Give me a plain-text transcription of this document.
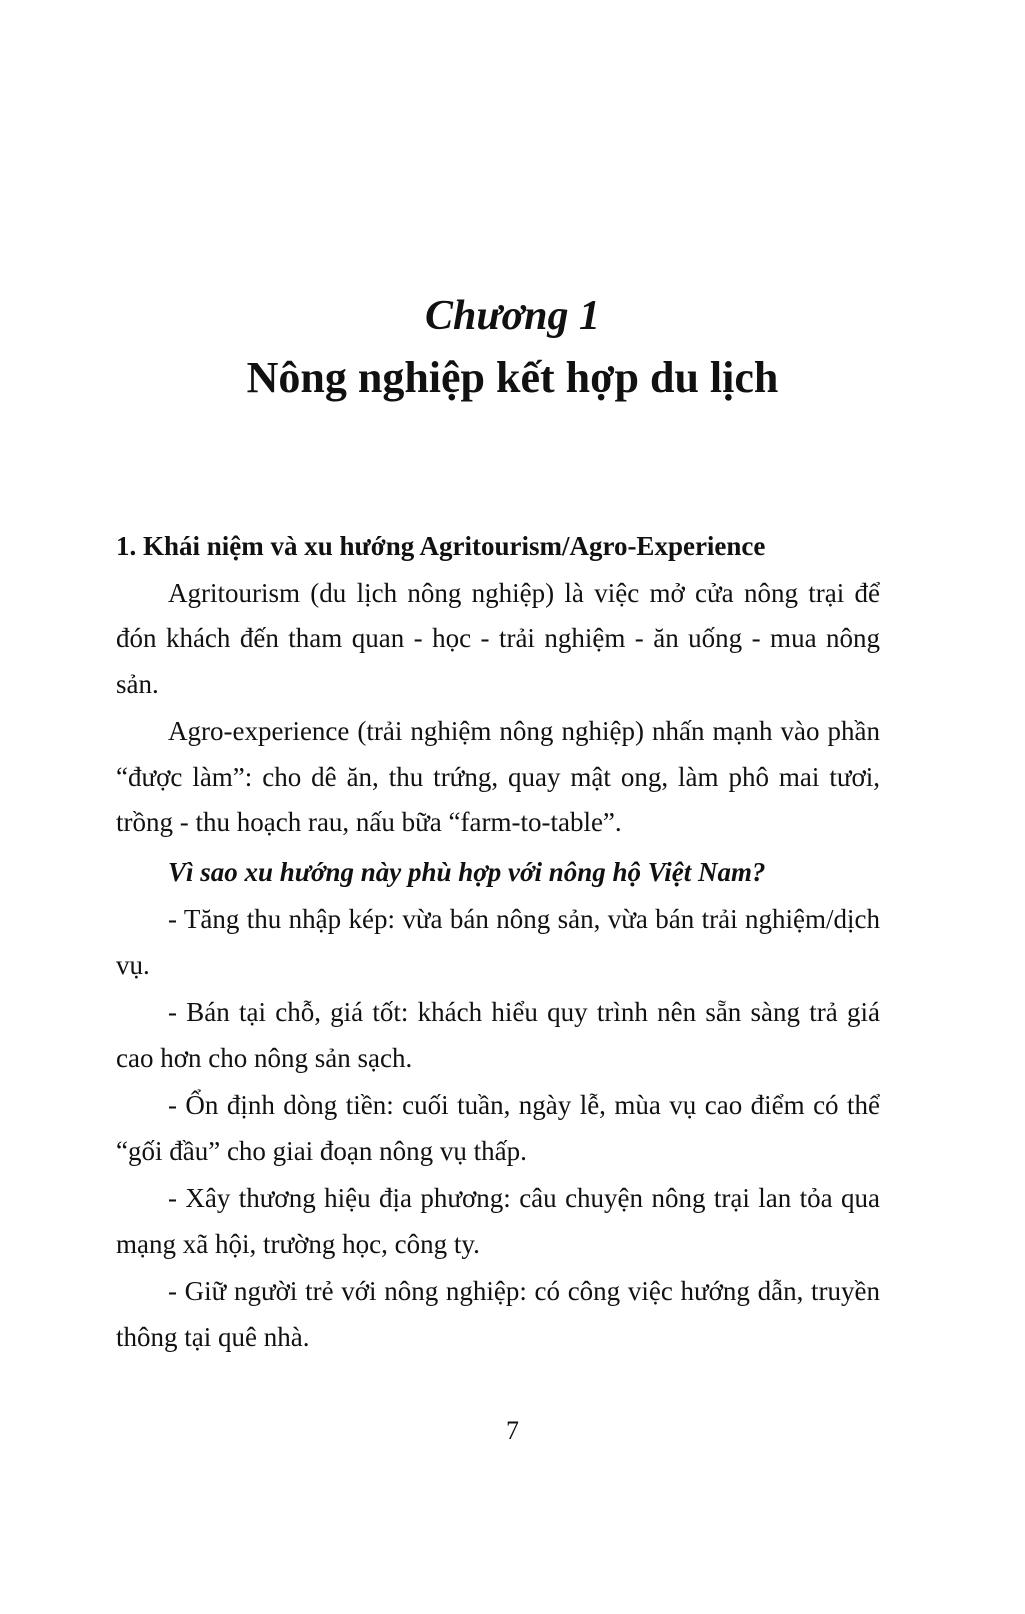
Chương 1
Nông nghiệp kết hợp du lịch
1. Khái niệm và xu hướng Agritourism/Agro-Experience

Agritourism (du lịch nông nghiệp) là việc mở cửa nông trại để đón khách đến tham quan - học - trải nghiệm - ăn uống - mua nông sản.

Agro-experience (trải nghiệm nông nghiệp) nhấn mạnh vào phần “được làm”: cho dê ăn, thu trứng, quay mật ong, làm phô mai tươi, trồng - thu hoạch rau, nấu bữa “farm-to-table”.

Vì sao xu hướng này phù hợp với nông hộ Việt Nam?

- Tăng thu nhập kép: vừa bán nông sản, vừa bán trải nghiệm/dịch vụ.

- Bán tại chỗ, giá tốt: khách hiểu quy trình nên sẵn sàng trả giá cao hơn cho nông sản sạch.

- Ổn định dòng tiền: cuối tuần, ngày lễ, mùa vụ cao điểm có thể “gối đầu” cho giai đoạn nông vụ thấp.

- Xây thương hiệu địa phương: câu chuyện nông trại lan tỏa qua mạng xã hội, trường học, công ty.

- Giữ người trẻ với nông nghiệp: có công việc hướng dẫn, truyền thông tại quê nhà.

7
